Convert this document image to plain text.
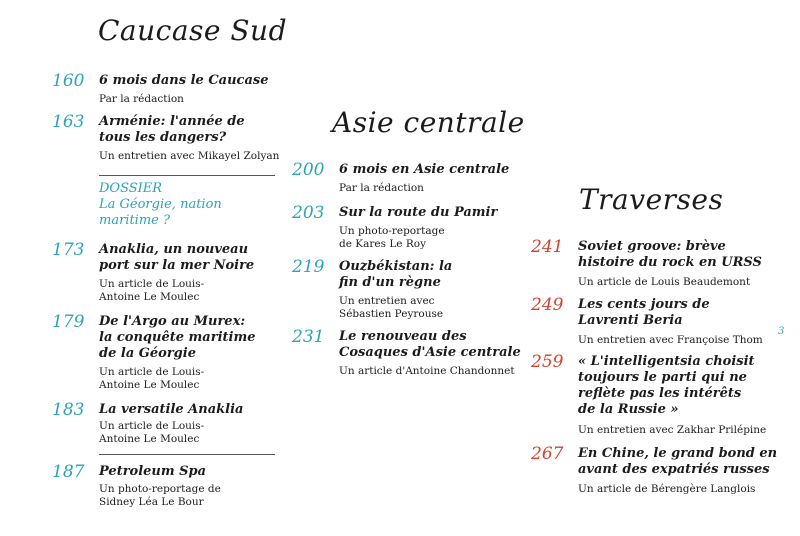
Caucase Sud
160 6 mois dans le Caucase
Par la rédaction
163 Arménie: l'année de
tous les dangers?
Un entretien avec Mikayel Zolyan
DOSSIER
La Géorgie, nation
maritime ?
173 Anaklia, un nouveau
port sur la mer Noire
Un article de Louis-
Antoine Le Moulec
179 De l'Argo au Murex:
la conquête maritime
de la Géorgie
Un article de Louis-
Antoine Le Moulec
183 La versatile Anaklia
Un article de Louis-
Antoine Le Moulec
187 Petroleum Spa
Un photo-reportage de
Sidney Léa Le Bour
Asie centrale
200 6 mois en Asie centrale
Par la rédaction
203 Sur la route du Pamir
Un photo-reportage
de Kares Le Roy
219 Ouzbékistan: la
fin d'un règne
Un entretien avec
Sébastien Peyrouse
231 Le renouveau des
Cosaques d'Asie centrale
Un article d'Antoine Chandonnet
Traverses
241 Soviet groove: brève
histoire du rock en URSS
Un article de Louis Beaudemont
249 Les cents jours de
Lavrenti Beria
Un entretien avec Françoise Thom
259 « L'intelligentsia choisit
toujours le parti qui ne
reflète pas les intérêts
de la Russie »
Un entretien avec Zakhar Prilépine
267 En Chine, le grand bond en
avant des expatriés russes
Un article de Bérengère Langlois
3
